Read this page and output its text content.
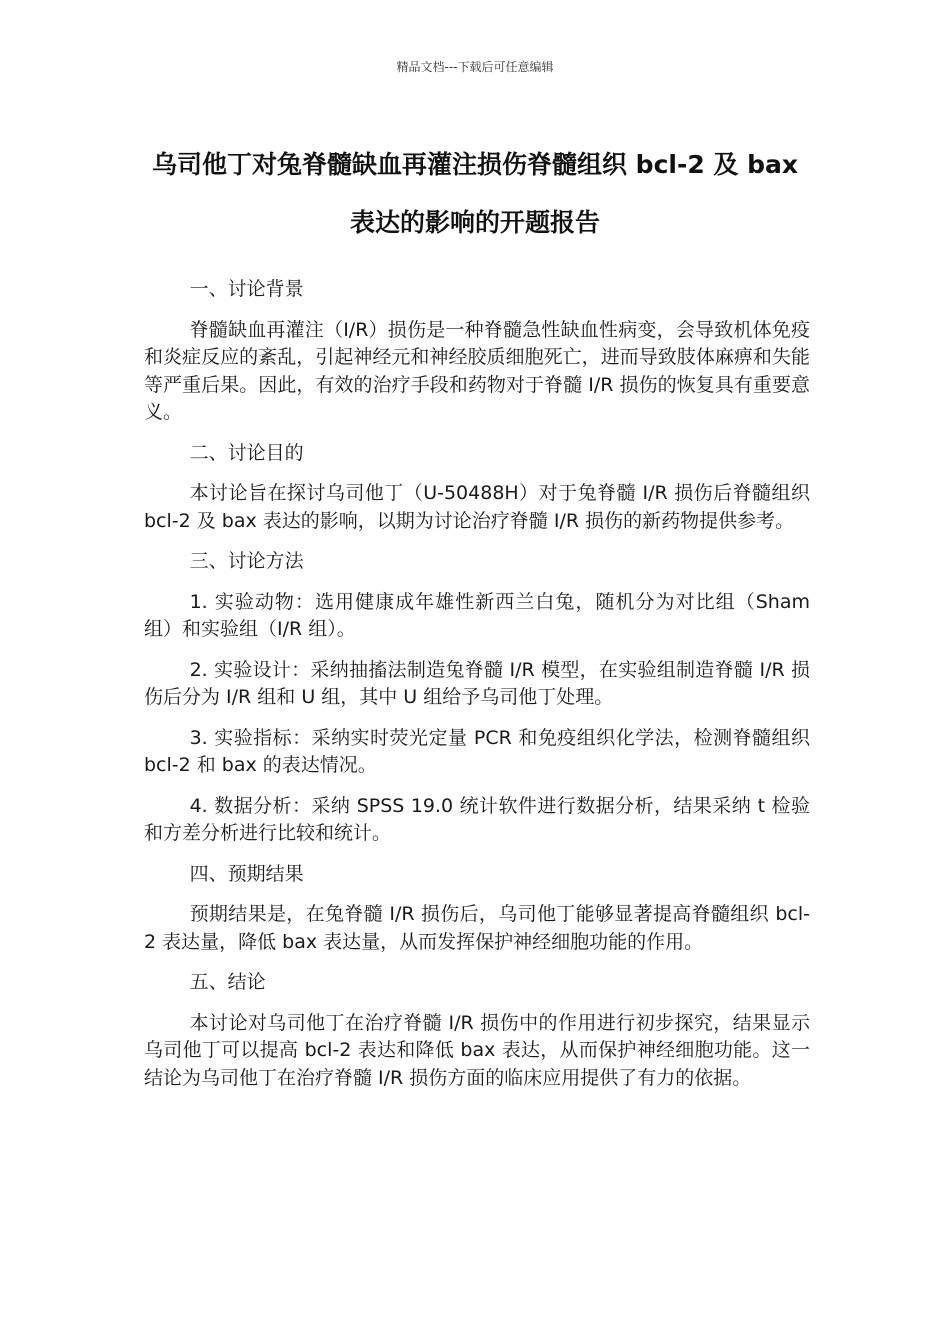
精品文档---下载后可任意编辑
乌司他丁对兔脊髓缺血再灌注损伤脊髓组织 bcl-2 及 bax 表达的影响的开题报告

一、讨论背景

脊髓缺血再灌注（I/R）损伤是一种脊髓急性缺血性病变，会导致机体免疫和炎症反应的紊乱，引起神经元和神经胶质细胞死亡，进而导致肢体麻痹和失能等严重后果。因此，有效的治疗手段和药物对于脊髓 I/R 损伤的恢复具有重要意义。

二、讨论目的

本讨论旨在探讨乌司他丁（U-50488H）对于兔脊髓 I/R 损伤后脊髓组织 bcl-2 及 bax 表达的影响，以期为讨论治疗脊髓 I/R 损伤的新药物提供参考。

三、讨论方法

1. 实验动物：选用健康成年雄性新西兰白兔，随机分为对比组（Sham 组）和实验组（I/R 组）。

2. 实验设计：采纳抽搐法制造兔脊髓 I/R 模型，在实验组制造脊髓 I/R 损伤后分为 I/R 组和 U 组，其中 U 组给予乌司他丁处理。

3. 实验指标：采纳实时荧光定量 PCR 和免疫组织化学法，检测脊髓组织 bcl-2 和 bax 的表达情况。

4. 数据分析：采纳 SPSS 19.0 统计软件进行数据分析，结果采纳 t 检验和方差分析进行比较和统计。

四、预期结果

预期结果是，在兔脊髓 I/R 损伤后，乌司他丁能够显著提高脊髓组织 bcl-2 表达量，降低 bax 表达量，从而发挥保护神经细胞功能的作用。

五、结论

本讨论对乌司他丁在治疗脊髓 I/R 损伤中的作用进行初步探究，结果显示乌司他丁可以提高 bcl-2 表达和降低 bax 表达，从而保护神经细胞功能。这一结论为乌司他丁在治疗脊髓 I/R 损伤方面的临床应用提供了有力的依据。
